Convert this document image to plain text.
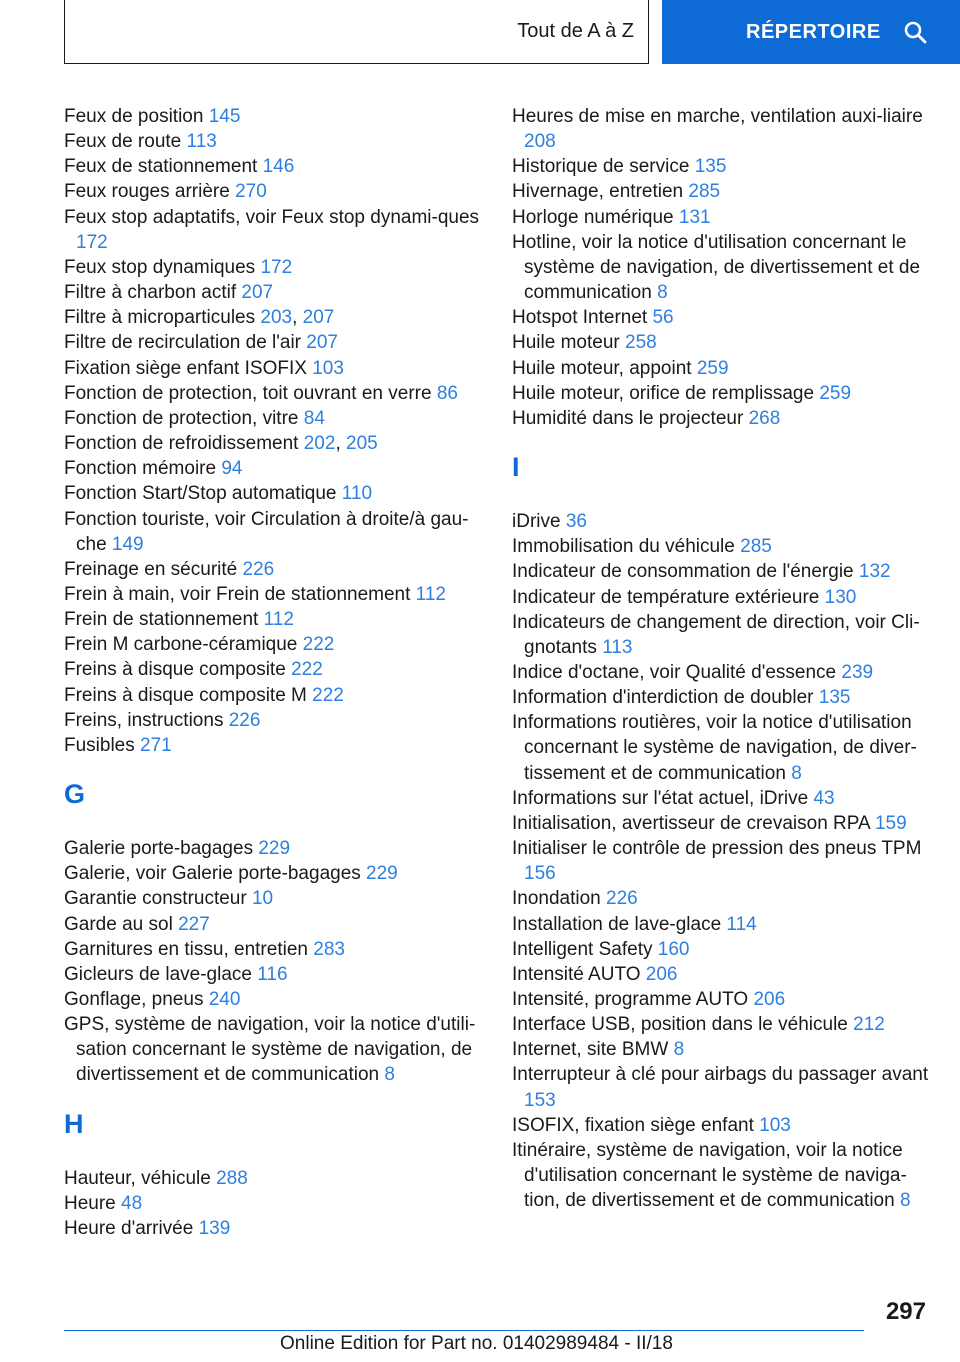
Tout de A à Z	RÉPERTOIRE
Feux de position 145
Feux de route 113
Feux de stationnement 146
Feux rouges arrière 270
Feux stop adaptatifs, voir Feux stop dynami-ques 172
Feux stop dynamiques 172
Filtre à charbon actif 207
Filtre à microparticules 203, 207
Filtre de recirculation de l'air 207
Fixation siège enfant ISOFIX 103
Fonction de protection, toit ouvrant en verre 86
Fonction de protection, vitre 84
Fonction de refroidissement 202, 205
Fonction mémoire 94
Fonction Start/Stop automatique 110
Fonction touriste, voir Circulation à droite/à gau-che 149
Freinage en sécurité 226
Frein à main, voir Frein de stationnement 112
Frein de stationnement 112
Frein M carbone-céramique 222
Freins à disque composite 222
Freins à disque composite M 222
Freins, instructions 226
Fusibles 271
G
Galerie porte-bagages 229
Galerie, voir Galerie porte-bagages 229
Garantie constructeur 10
Garde au sol 227
Garnitures en tissu, entretien 283
Gicleurs de lave-glace 116
Gonflage, pneus 240
GPS, système de navigation, voir la notice d'utili-sation concernant le système de navigation, de divertissement et de communication 8
H
Hauteur, véhicule 288
Heure 48
Heure d'arrivée 139
Heures de mise en marche, ventilation auxi-liaire 208
Historique de service 135
Hivernage, entretien 285
Horloge numérique 131
Hotline, voir la notice d'utilisation concernant le système de navigation, de divertissement et de communication 8
Hotspot Internet 56
Huile moteur 258
Huile moteur, appoint 259
Huile moteur, orifice de remplissage 259
Humidité dans le projecteur 268
I
iDrive 36
Immobilisation du véhicule 285
Indicateur de consommation de l'énergie 132
Indicateur de température extérieure 130
Indicateurs de changement de direction, voir Cli-gnotants 113
Indice d'octane, voir Qualité d'essence 239
Information d'interdiction de doubler 135
Informations routières, voir la notice d'utilisation concernant le système de navigation, de diver-tissement et de communication 8
Informations sur l'état actuel, iDrive 43
Initialisation, avertisseur de crevaison RPA 159
Initialiser le contrôle de pression des pneus TPM 156
Inondation 226
Installation de lave-glace 114
Intelligent Safety 160
Intensité AUTO 206
Intensité, programme AUTO 206
Interface USB, position dans le véhicule 212
Internet, site BMW 8
Interrupteur à clé pour airbags du passager avant 153
ISOFIX, fixation siège enfant 103
Itinéraire, système de navigation, voir la notice d'utilisation concernant le système de naviga-tion, de divertissement et de communication 8
297
Online Edition for Part no. 01402989484 - II/18
